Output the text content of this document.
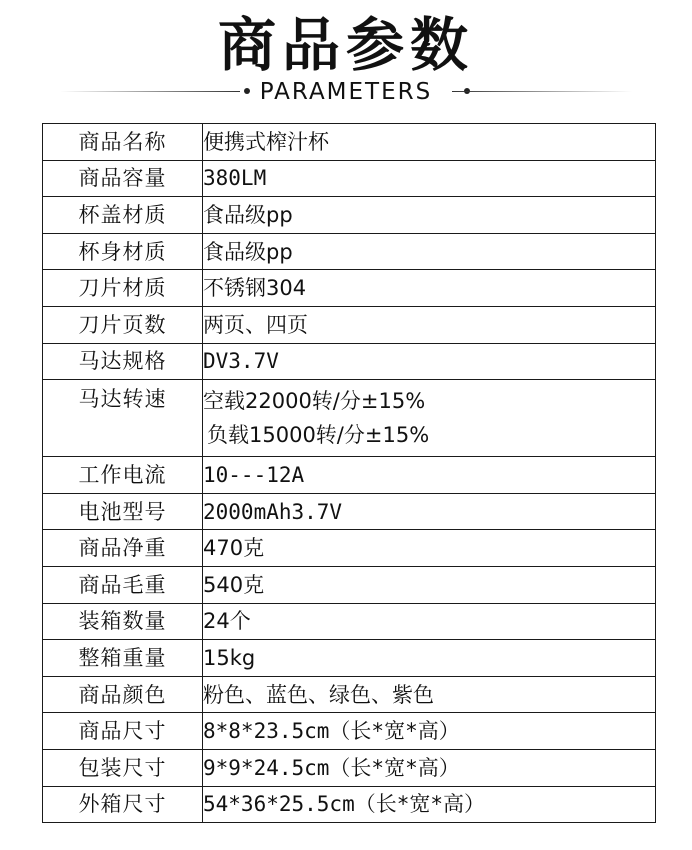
商品参数
PARAMETERS
商品名称	便携式榨汁杯
商品容量	380LM
杯盖材质	食品级pp
杯身材质	食品级pp
刀片材质	不锈钢304
刀片页数	两页、四页
马达规格	DV3.7V
马达转速	空载22000转/分±15%
负载15000转/分±15%

工作电流	10---12A
电池型号	2000mAh3.7V
商品净重	470克
商品毛重	540克
装箱数量	24个
整箱重量	15kg
商品颜色	粉色、蓝色、绿色、紫色
商品尺寸	8*8*23.5cm（长*宽*高）
包装尺寸	9*9*24.5cm（长*宽*高）
外箱尺寸	54*36*25.5cm（长*宽*高）
